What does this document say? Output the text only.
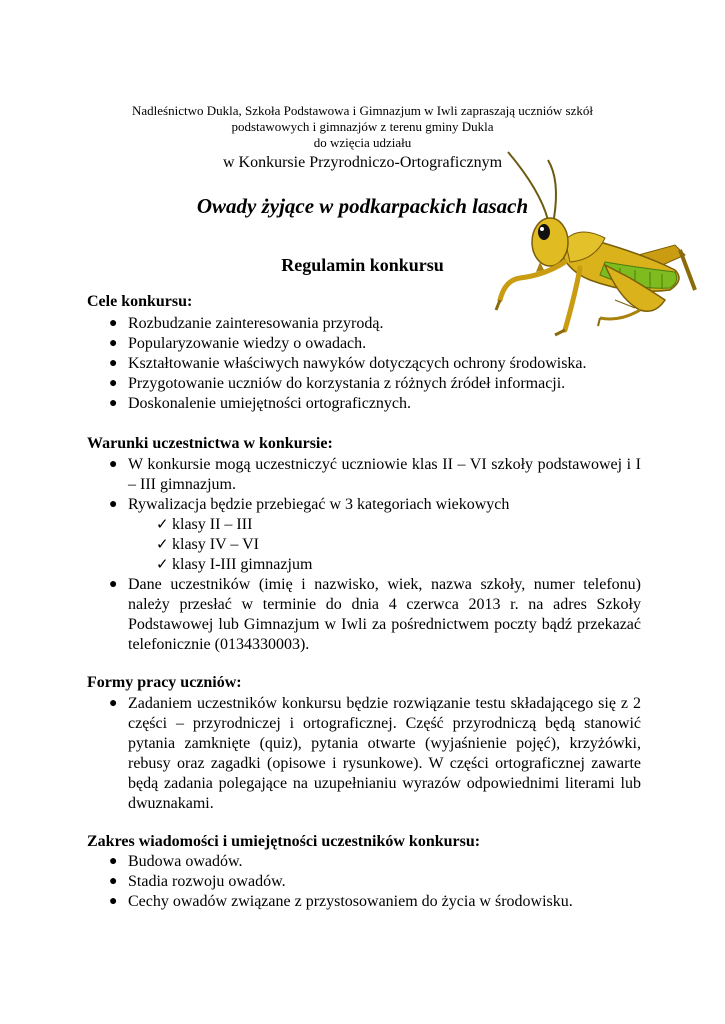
Nadleśnictwo Dukla, Szkoła Podstawowa i Gimnazjum w Iwli zapraszają uczniów szkół
podstawowych i gimnazjów z terenu gminy Dukla
do wzięcia udziału
w Konkursie Przyrodniczo-Ortograficznym
Owady żyjące w podkarpackich lasach
Regulamin konkursu
Cele konkursu:
● Rozbudzanie zainteresowania przyrodą.
● Popularyzowanie wiedzy o owadach.
● Kształtowanie właściwych nawyków dotyczących ochrony środowiska.
● Przygotowanie uczniów do korzystania z różnych źródeł informacji.
● Doskonalenie umiejętności ortograficznych.
Warunki uczestnictwa w konkursie:
● W konkursie mogą uczestniczyć uczniowie klas II – VI szkoły podstawowej i I – III gimnazjum.
● Rywalizacja będzie przebiegać w 3 kategoriach wiekowych
✓ klasy II – III
✓ klasy IV – VI
✓ klasy I-III gimnazjum
● Dane uczestników (imię i nazwisko, wiek, nazwa szkoły, numer telefonu) należy przesłać w terminie do dnia 4 czerwca 2013 r. na adres Szkoły Podstawowej lub Gimnazjum w Iwli za pośrednictwem poczty bądź przekazać telefonicznie (0134330003).
Formy pracy uczniów:
● Zadaniem uczestników konkursu będzie rozwiązanie testu składającego się z 2 części – przyrodniczej i ortograficznej. Część przyrodniczą będą stanowić pytania zamknięte (quiz), pytania otwarte (wyjaśnienie pojęć), krzyżówki, rebusy oraz zagadki (opisowe i rysunkowe). W części ortograficznej zawarte będą zadania polegające na uzupełnianiu wyrazów odpowiednimi literami lub dwuznakami.
Zakres wiadomości i umiejętności uczestników konkursu:
● Budowa owadów.
● Stadia rozwoju owadów.
● Cechy owadów związane z przystosowaniem do życia w środowisku.
